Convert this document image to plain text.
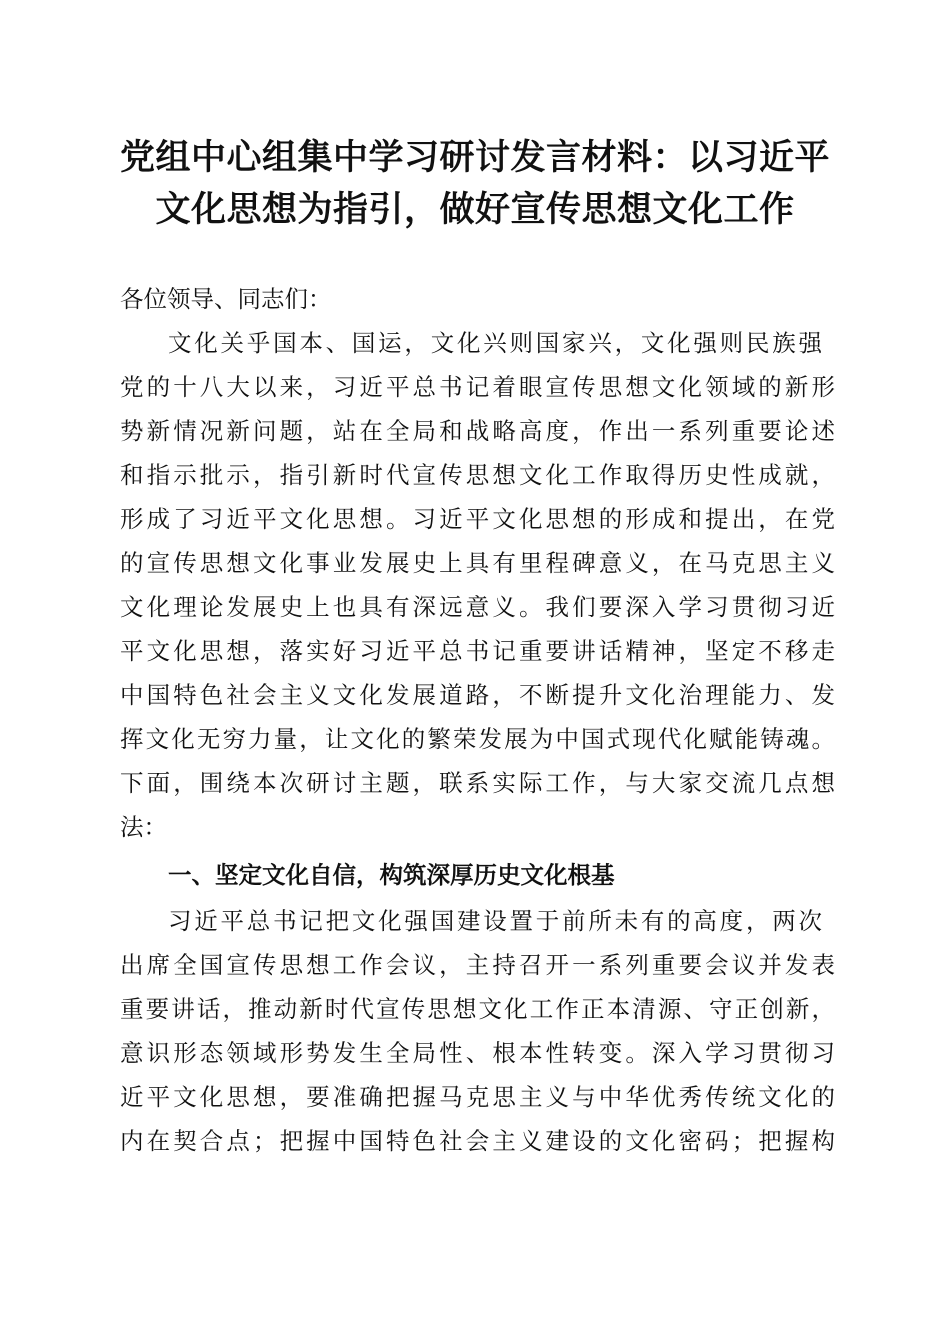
党组中心组集中学习研讨发言材料：以习近平
文化思想为指引，做好宣传思想文化工作
各位领导、同志们：
文化关乎国本、国运，文化兴则国家兴，文化强则民族强
党的十八大以来，习近平总书记着眼宣传思想文化领域的新形
势新情况新问题，站在全局和战略高度，作出一系列重要论述
和指示批示，指引新时代宣传思想文化工作取得历史性成就，
形成了习近平文化思想。习近平文化思想的形成和提出，在党
的宣传思想文化事业发展史上具有里程碑意义，在马克思主义
文化理论发展史上也具有深远意义。我们要深入学习贯彻习近
平文化思想，落实好习近平总书记重要讲话精神，坚定不移走
中国特色社会主义文化发展道路，不断提升文化治理能力、发
挥文化无穷力量，让文化的繁荣发展为中国式现代化赋能铸魂。
下面，围绕本次研讨主题，联系实际工作，与大家交流几点想
法：
一、坚定文化自信，构筑深厚历史文化根基
习近平总书记把文化强国建设置于前所未有的高度，两次
出席全国宣传思想工作会议，主持召开一系列重要会议并发表
重要讲话，推动新时代宣传思想文化工作正本清源、守正创新，
意识形态领域形势发生全局性、根本性转变。深入学习贯彻习
近平文化思想，要准确把握马克思主义与中华优秀传统文化的
内在契合点；把握中国特色社会主义建设的文化密码；把握构
